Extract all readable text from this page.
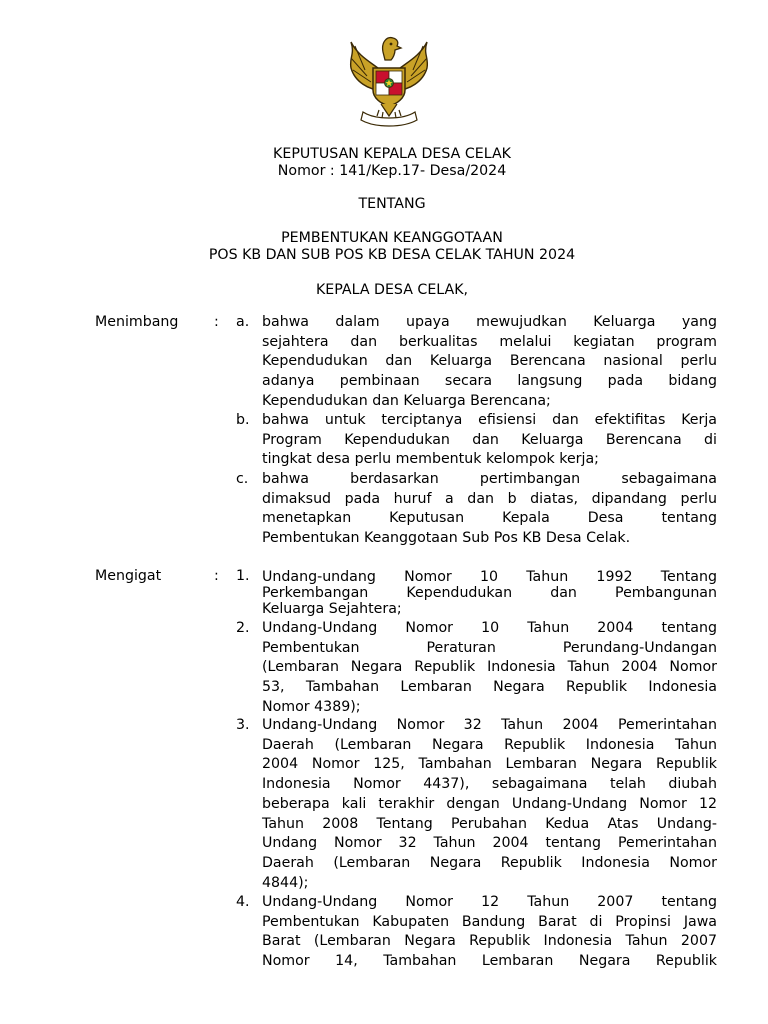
KEPUTUSAN KEPALA DESA CELAK
Nomor : 141/Kep.17- Desa/2024
TENTANG
PEMBENTUKAN KEANGGOTAAN
POS KB DAN SUB POS KB DESA CELAK TAHUN 2024
KEPALA DESA CELAK,
Menimbang	: a. bahwa dalam upaya mewujudkan Keluarga yang
sejahtera dan berkualitas melalui kegiatan program
Kependudukan dan Keluarga Berencana nasional perlu
adanya pembinaan secara langsung pada bidang
Kependudukan dan Keluarga Berencana;

b. bahwa untuk terciptanya efisiensi dan efektifitas Kerja
Program Kependudukan dan Keluarga Berencana di
tingkat desa perlu membentuk kelompok kerja;

c. bahwa berdasarkan pertimbangan sebagaimana
dimaksud pada huruf a dan b diatas, dipandang perlu
menetapkan Keputusan Kepala Desa tentang
Pembentukan Keanggotaan Sub Pos KB Desa Celak.

Mengigat	: 1. Undang-undang Nomor 10 Tahun 1992 Tentang
Perkembangan Kependudukan dan Pembangunan
Keluarga Sejahtera;

2. Undang-Undang Nomor 10 Tahun 2004 tentang
Pembentukan Peraturan Perundang-Undangan
(Lembaran Negara Republik Indonesia Tahun 2004 Nomor
53, Tambahan Lembaran Negara Republik Indonesia
Nomor 4389);

3. Undang-Undang Nomor 32 Tahun 2004 Pemerintahan
Daerah (Lembaran Negara Republik Indonesia Tahun
2004 Nomor 125, Tambahan Lembaran Negara Republik
Indonesia Nomor 4437), sebagaimana telah diubah
beberapa kali terakhir dengan Undang-Undang Nomor 12
Tahun 2008 Tentang Perubahan Kedua Atas Undang-
Undang Nomor 32 Tahun 2004 tentang Pemerintahan
Daerah (Lembaran Negara Republik Indonesia Nomor
4844);

4. Undang-Undang Nomor 12 Tahun 2007 tentang
Pembentukan Kabupaten Bandung Barat di Propinsi Jawa
Barat (Lembaran Negara Republik Indonesia Tahun 2007
Nomor 14, Tambahan Lembaran Negara Republik
